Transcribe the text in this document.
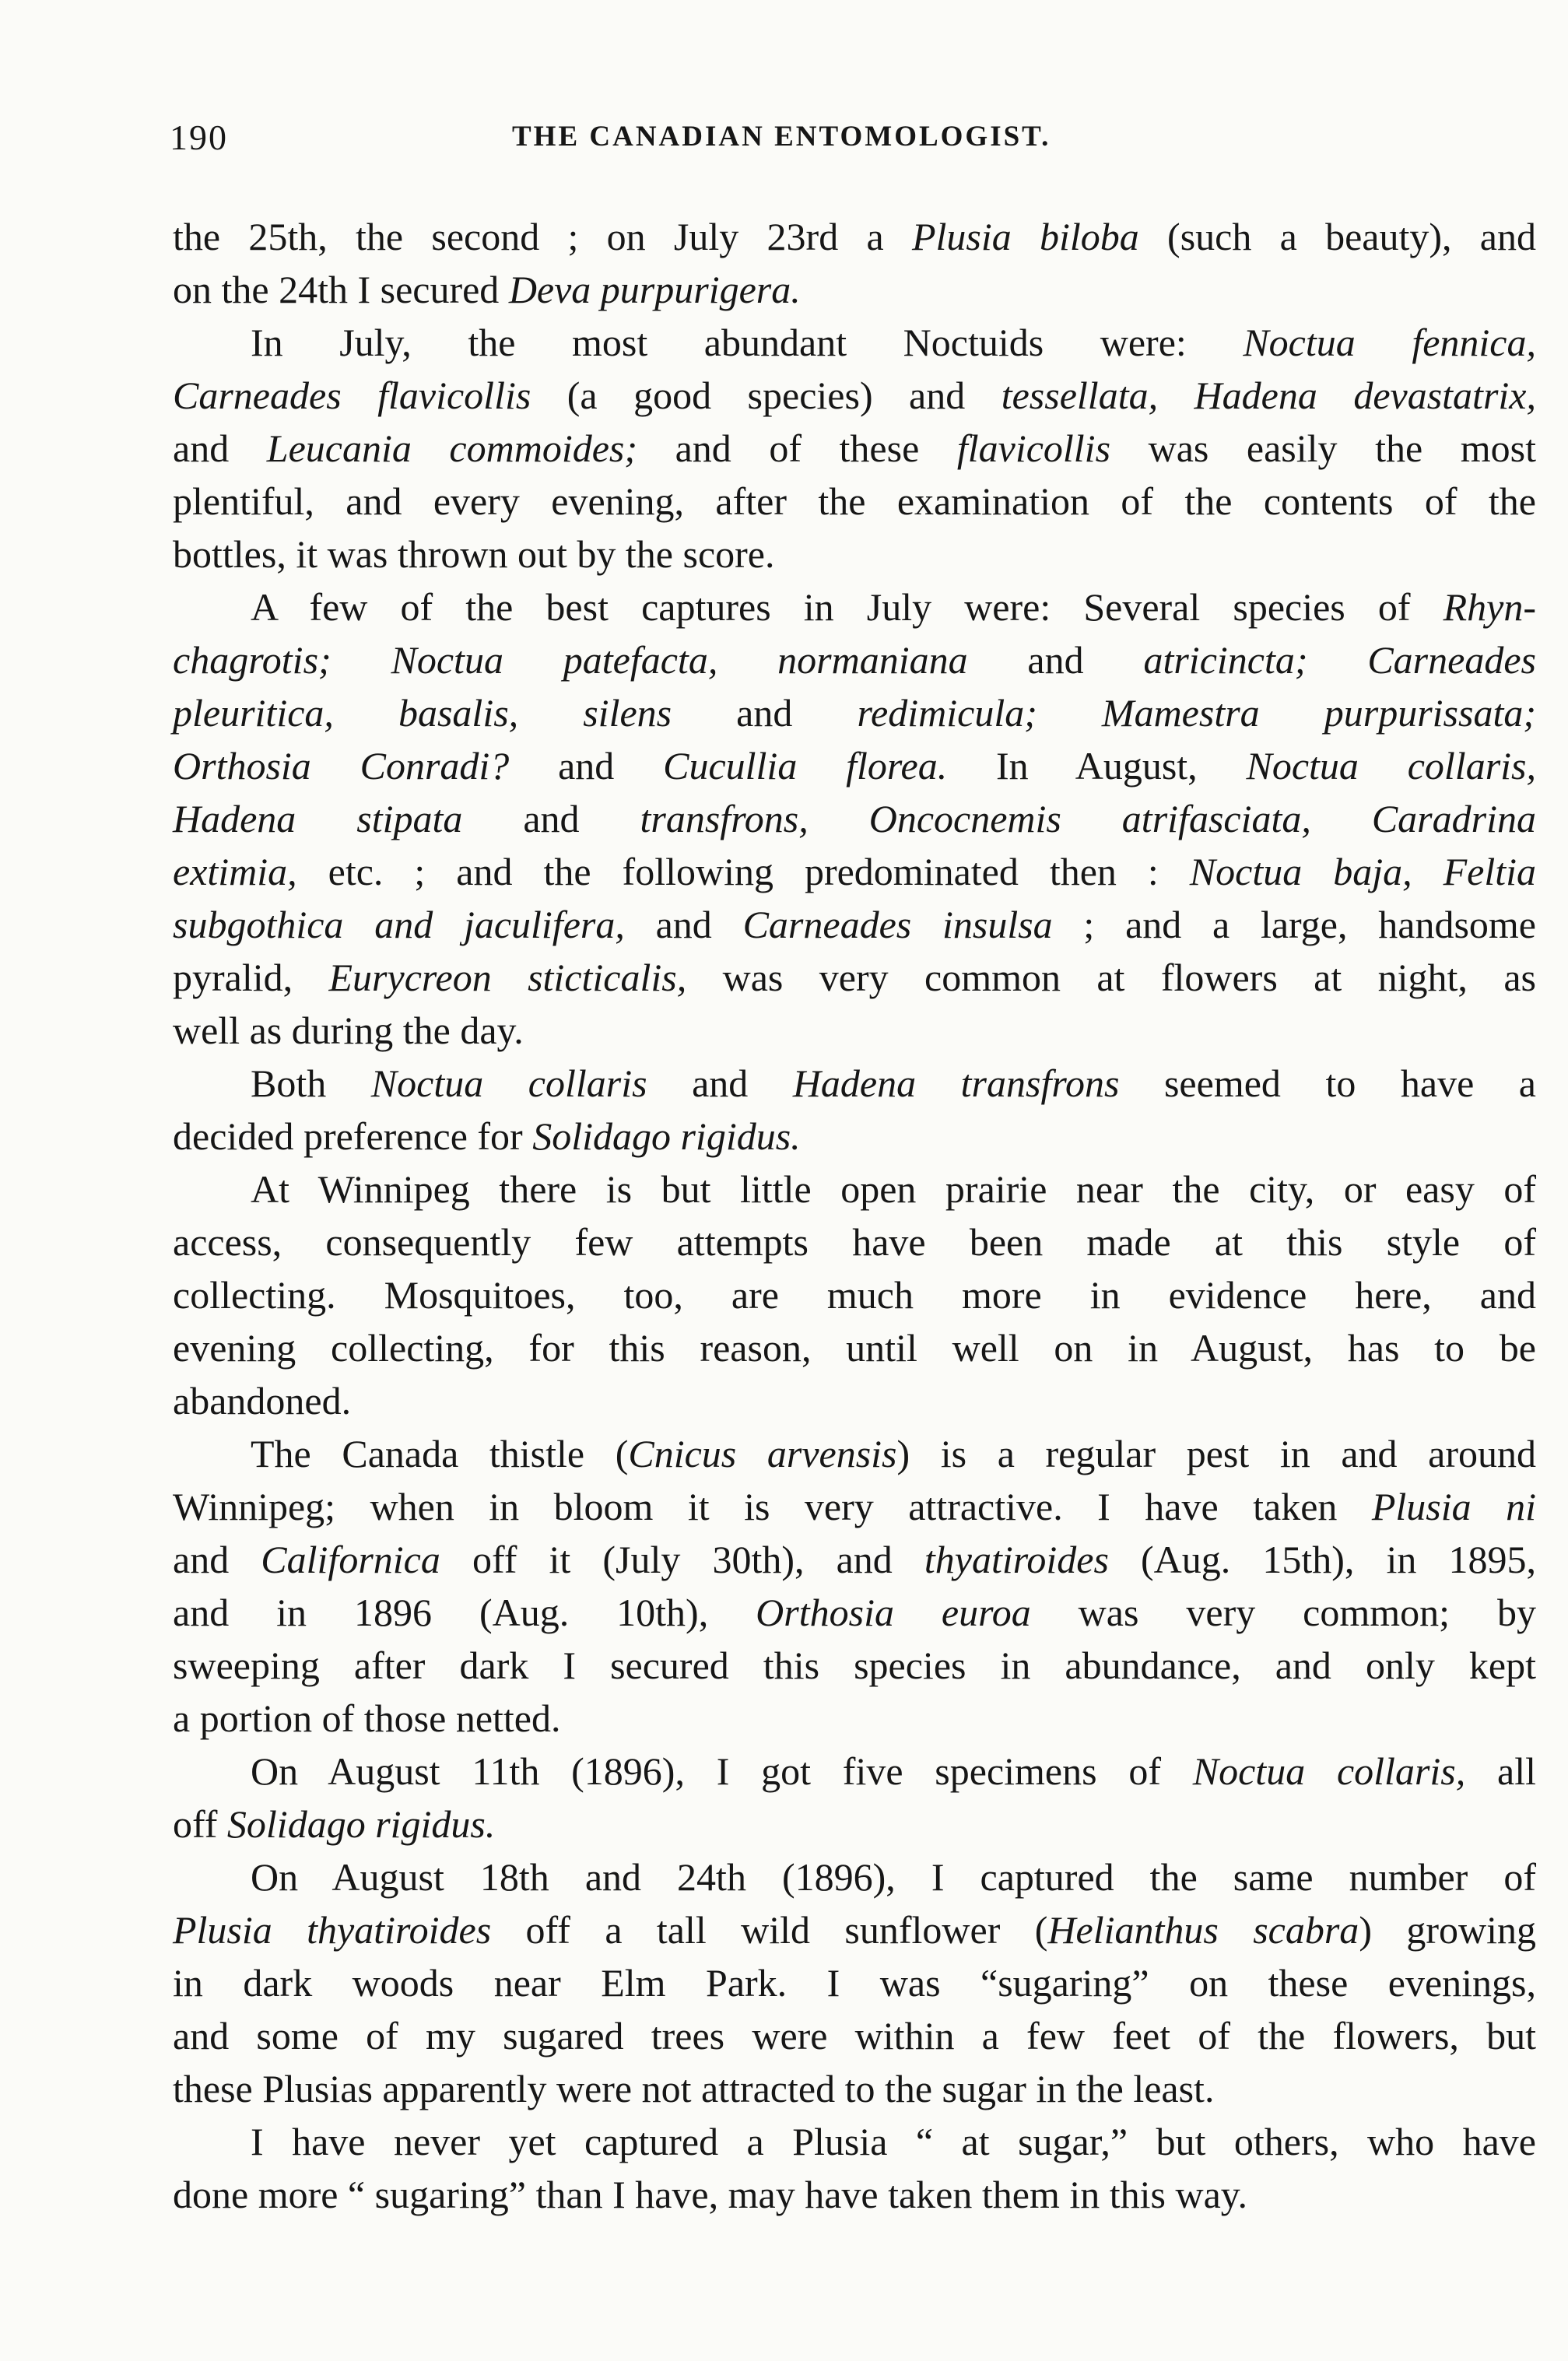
190	THE CANADIAN ENTOMOLOGIST.
the 25th, the second ; on July 23rd a Plusia biloba (such a beauty), and
on the 24th I secured Deva purpurigera.
In July, the most abundant Noctuids were: Noctua fennica,
Carneades flavicollis (a good species) and tessellata, Hadena devastatrix,
and Leucania commoides; and of these flavicollis was easily the most
plentiful, and every evening, after the examination of the contents of the
bottles, it was thrown out by the score.
A few of the best captures in July were: Several species of Rhyn-
chagrotis; Noctua patefacta, normaniana and atricincta; Carneades
pleuritica, basalis, silens and redimicula; Mamestra purpurissata;
Orthosia Conradi? and Cucullia florea. In August, Noctua collaris,
Hadena stipata and transfrons, Oncocnemis atrifasciata, Caradrina
extimia, etc. ; and the following predominated then : Noctua baja, Feltia
subgothica and jaculifera, and Carneades insulsa ; and a large, handsome
pyralid, Eurycreon sticticalis, was very common at flowers at night, as
well as during the day.
Both Noctua collaris and Hadena transfrons seemed to have a
decided preference for Solidago rigidus.
At Winnipeg there is but little open prairie near the city, or easy of
access, consequently few attempts have been made at this style of
collecting. Mosquitoes, too, are much more in evidence here, and
evening collecting, for this reason, until well on in August, has to be
abandoned.
The Canada thistle (Cnicus arvensis) is a regular pest in and around
Winnipeg; when in bloom it is very attractive. I have taken Plusia ni
and Californica off it (July 30th), and thyatiroides (Aug. 15th), in 1895,
and in 1896 (Aug. 10th), Orthosia euroa was very common; by
sweeping after dark I secured this species in abundance, and only kept
a portion of those netted.
On August 11th (1896), I got five specimens of Noctua collaris, all
off Solidago rigidus.
On August 18th and 24th (1896), I captured the same number of
Plusia thyatiroides off a tall wild sunflower (Helianthus scabra) growing
in dark woods near Elm Park. I was “sugaring” on these evenings,
and some of my sugared trees were within a few feet of the flowers, but
these Plusias apparently were not attracted to the sugar in the least.
I have never yet captured a Plusia “ at sugar,” but others, who have
done more “ sugaring” than I have, may have taken them in this way.
